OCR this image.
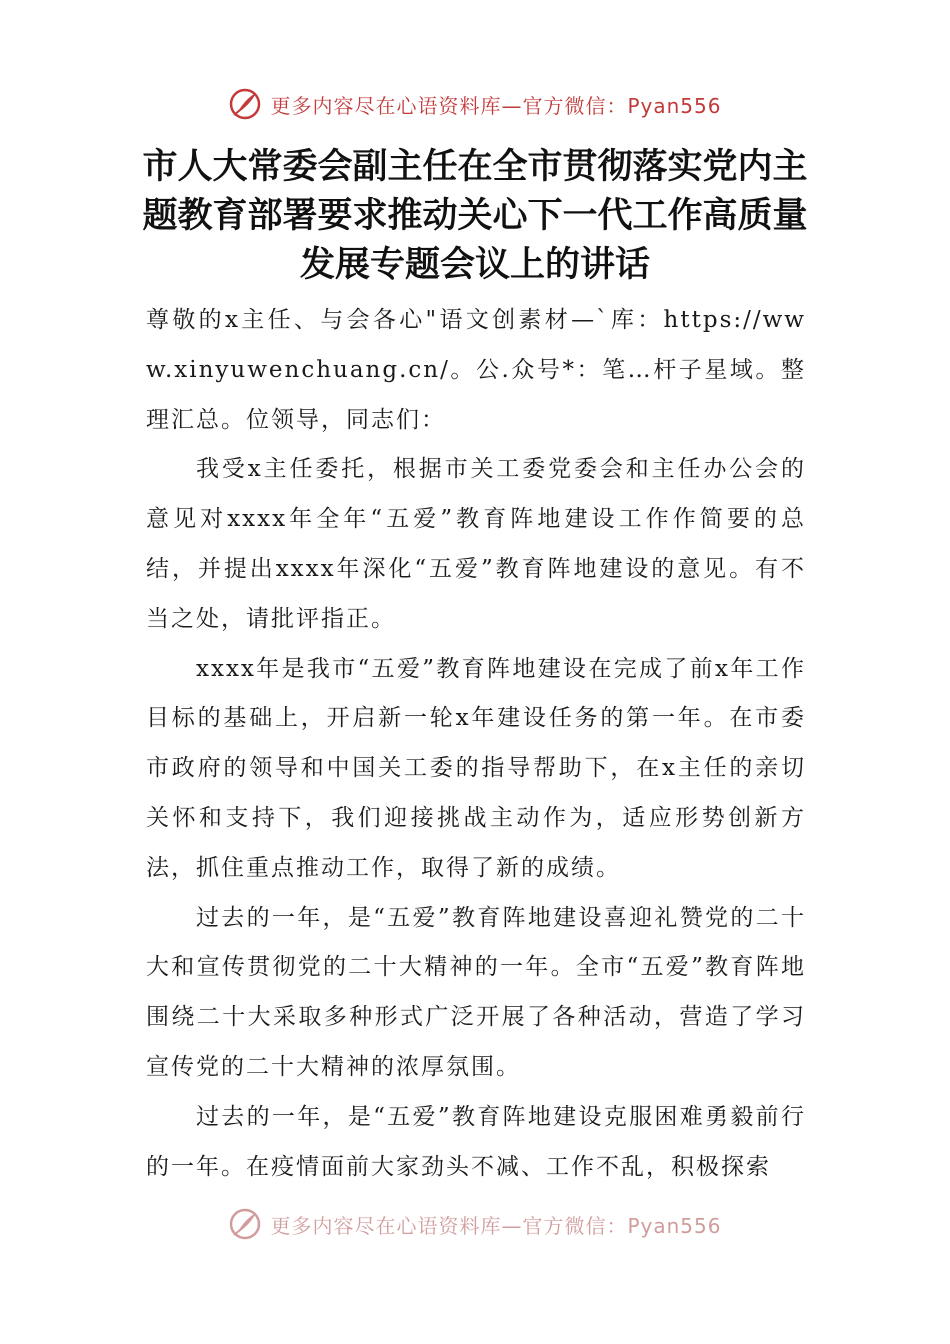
更多内容尽在心语资料库—官方微信：Pyan556
市人大常委会副主任在全市贯彻落实党内主题教育部署要求推动关心下一代工作高质量发展专题会议上的讲话

尊敬的x主任、与会各心"语文创素材—`库：https://www.xinyuwenchuang.cn/。公.众号*：笔…杆子星域。整理汇总。位领导，同志们：

我受x主任委托，根据市关工委党委会和主任办公会的意见对xxxx年全年“五爱”教育阵地建设工作作简要的总结，并提出xxxx年深化“五爱”教育阵地建设的意见。有不当之处，请批评指正。

xxxx年是我市“五爱”教育阵地建设在完成了前x年工作目标的基础上，开启新一轮x年建设任务的第一年。在市委市政府的领导和中国关工委的指导帮助下，在x主任的亲切关怀和支持下，我们迎接挑战主动作为，适应形势创新方法，抓住重点推动工作，取得了新的成绩。

过去的一年，是“五爱”教育阵地建设喜迎礼赞党的二十大和宣传贯彻党的二十大精神的一年。全市“五爱”教育阵地围绕二十大采取多种形式广泛开展了各种活动，营造了学习宣传党的二十大精神的浓厚氛围。

过去的一年，是“五爱”教育阵地建设克服困难勇毅前行的一年。在疫情面前大家劲头不减、工作不乱，积极探索

更多内容尽在心语资料库—官方微信：Pyan556
